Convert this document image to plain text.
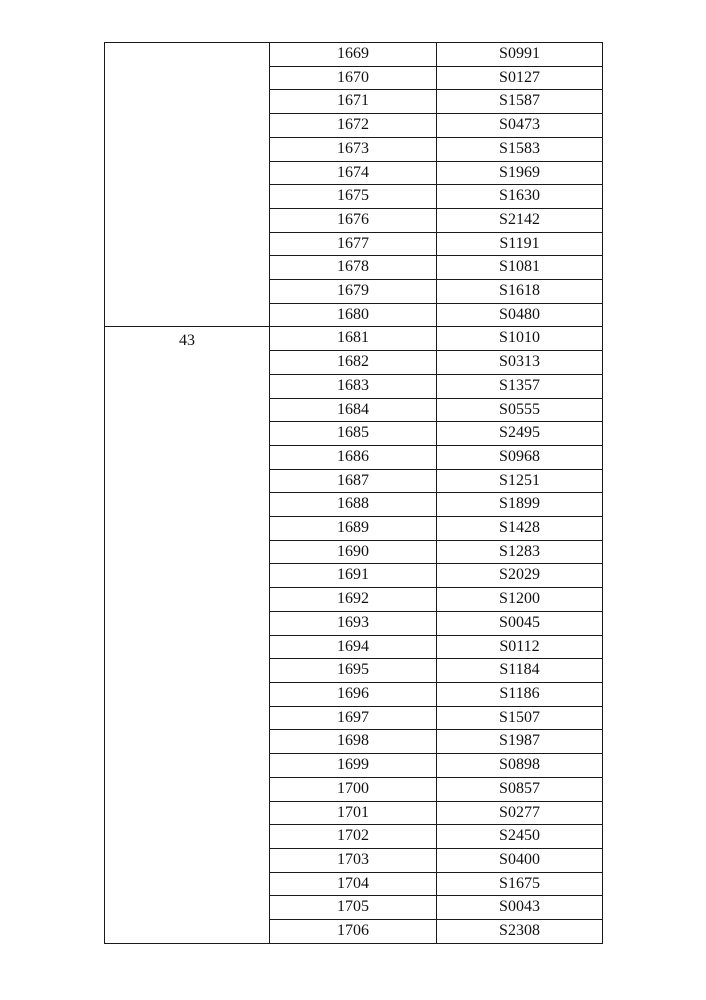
	1669	S0991
	1670	S0127
	1671	S1587
	1672	S0473
	1673	S1583
	1674	S1969
	1675	S1630
	1676	S2142
	1677	S1191
	1678	S1081
	1679	S1618
	1680	S0480

43	1681	S1010
	1682	S0313
	1683	S1357
	1684	S0555
	1685	S2495
	1686	S0968
	1687	S1251
	1688	S1899
	1689	S1428
	1690	S1283
	1691	S2029
	1692	S1200
	1693	S0045
	1694	S0112
	1695	S1184
	1696	S1186
	1697	S1507
	1698	S1987
	1699	S0898
	1700	S0857
	1701	S0277
	1702	S2450
	1703	S0400
	1704	S1675
	1705	S0043
	1706	S2308
